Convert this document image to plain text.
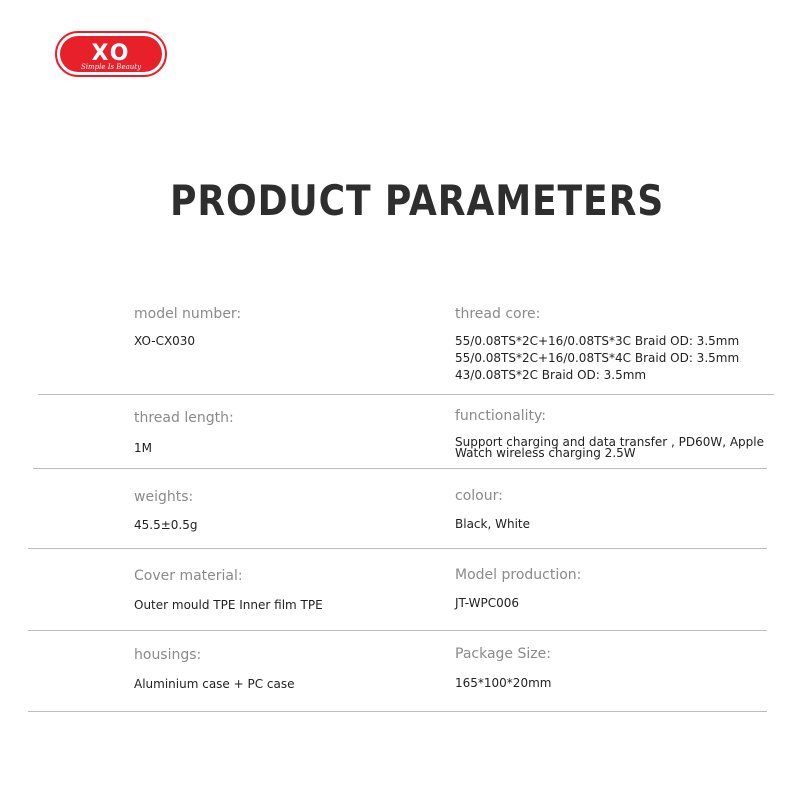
XO
Simple Is Beauty
PRODUCT PARAMETERS
model number:
XO-CX030
thread core:
55/0.08TS*2C+16/0.08TS*3C Braid OD: 3.5mm
55/0.08TS*2C+16/0.08TS*4C Braid OD: 3.5mm
43/0.08TS*2C Braid OD: 3.5mm
thread length:
1M
functionality:
Support charging and data transfer , PD60W, Apple
Watch wireless charging 2.5W
weights:
45.5±0.5g
colour:
Black, White
Cover material:
Outer mould TPE Inner film TPE
Model production:
JT-WPC006
housings:
Aluminium case + PC case
Package Size:
165*100*20mm
